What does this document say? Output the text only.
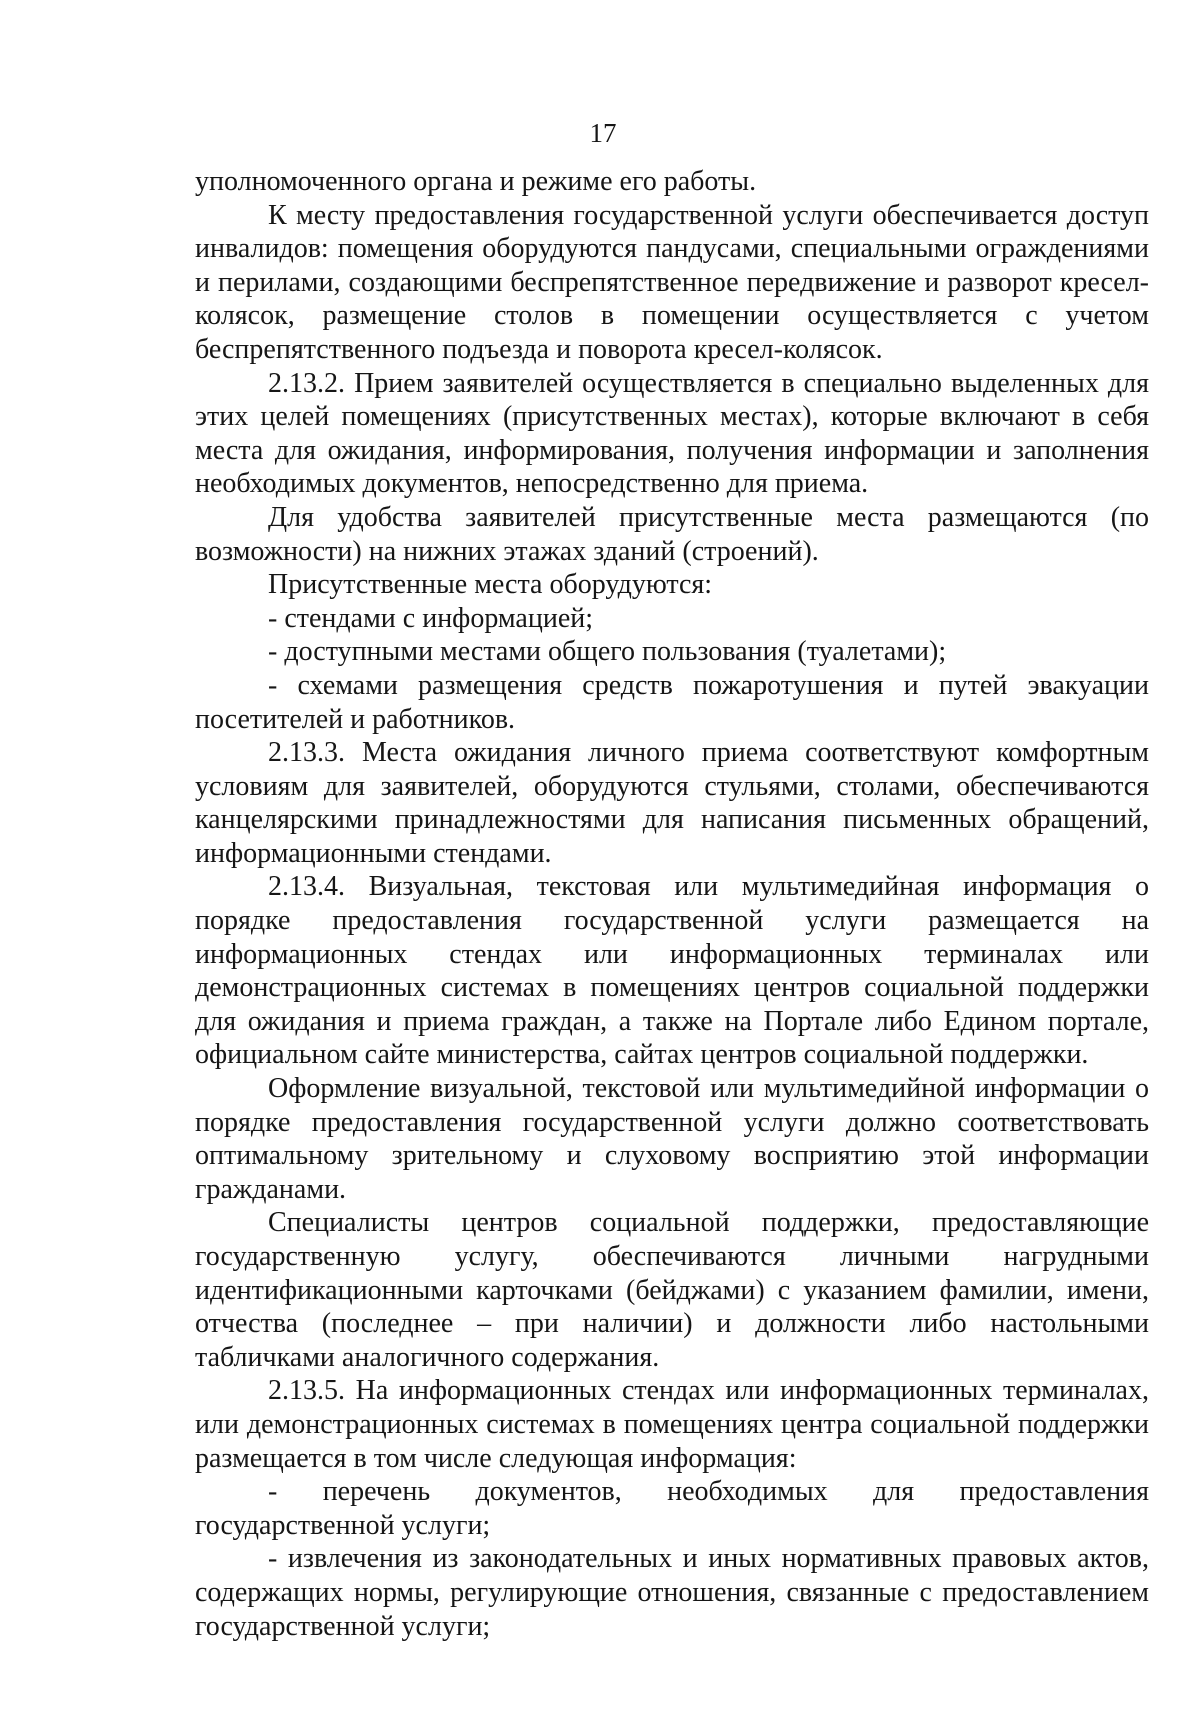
17

уполномоченного органа и режиме его работы.

К месту предоставления государственной услуги обеспечивается доступ инвалидов: помещения оборудуются пандусами, специальными ограждениями и перилами, создающими беспрепятственное передвижение и разворот кресел-колясок, размещение столов в помещении осуществляется с учетом беспрепятственного подъезда и поворота кресел-колясок.

2.13.2. Прием заявителей осуществляется в специально выделенных для этих целей помещениях (присутственных местах), которые включают в себя места для ожидания, информирования, получения информации и заполнения необходимых документов, непосредственно для приема.

Для удобства заявителей присутственные места размещаются (по возможности) на нижних этажах зданий (строений).

Присутственные места оборудуются:

- стендами с информацией;

- доступными местами общего пользования (туалетами);

- схемами размещения средств пожаротушения и путей эвакуации посетителей и работников.

2.13.3. Места ожидания личного приема соответствуют комфортным условиям для заявителей, оборудуются стульями, столами, обеспечиваются канцелярскими принадлежностями для написания письменных обращений, информационными стендами.

2.13.4. Визуальная, текстовая или мультимедийная информация о порядке предоставления государственной услуги размещается на информационных стендах или информационных терминалах или демонстрационных системах в помещениях центров социальной поддержки для ожидания и приема граждан, а также на Портале либо Едином портале, официальном сайте министерства, сайтах центров социальной поддержки.

Оформление визуальной, текстовой или мультимедийной информации о порядке предоставления государственной услуги должно соответствовать оптимальному зрительному и слуховому восприятию этой информации гражданами.

Специалисты центров социальной поддержки, предоставляющие государственную услугу, обеспечиваются личными нагрудными идентификационными карточками (бейджами) с указанием фамилии, имени, отчества (последнее – при наличии) и должности либо настольными табличками аналогичного содержания.

2.13.5. На информационных стендах или информационных терминалах, или демонстрационных системах в помещениях центра социальной поддержки размещается в том числе следующая информация:

- перечень документов, необходимых для предоставления государственной услуги;

- извлечения из законодательных и иных нормативных правовых актов, содержащих нормы, регулирующие отношения, связанные с предоставлением государственной услуги;
